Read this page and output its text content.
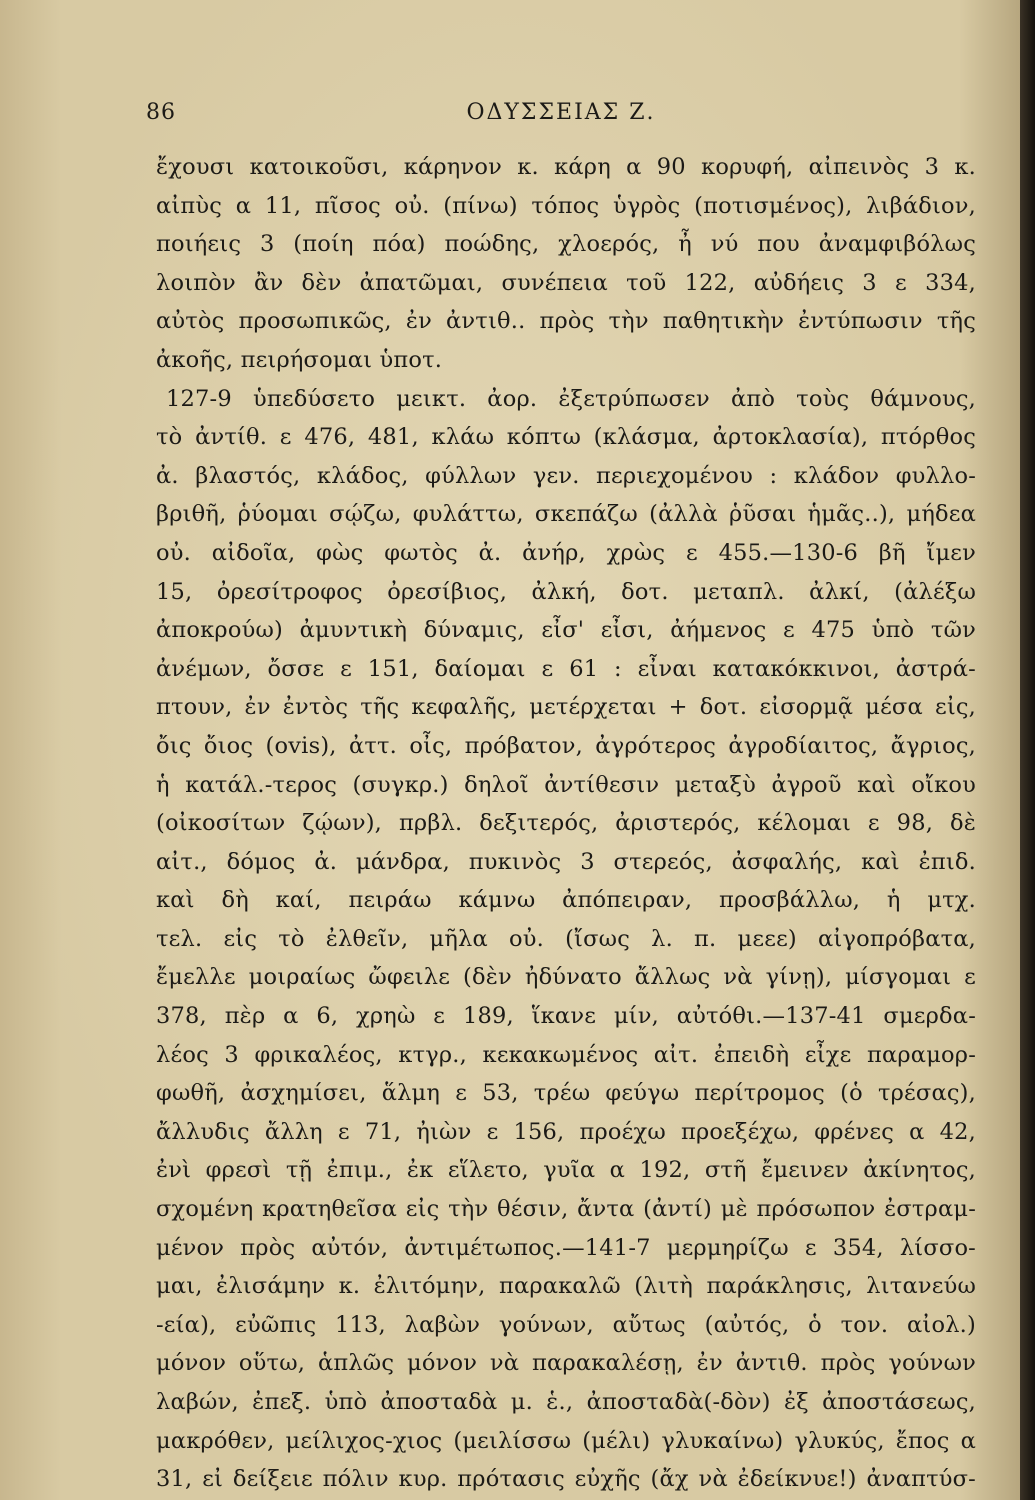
86	ΟΔΥΣΣΕΙΑΣ Ζ.
ἔχουσι κατοικοῦσι, κάρηνον κ. κάρη α 90 κορυφή, αἰπεινὸς 3 κ.
αἰπὺς α 11, πῖσος οὐ. (πίνω) τόπος ὑγρὸς (ποτισμένος), λιβάδιον,
ποιήεις 3 (ποίη πόα) ποώδης, χλοερός, ἦ νύ που ἀναμφιβόλως
λοιπὸν ἂν δὲν ἀπατῶμαι, συνέπεια τοῦ 122, αὐδήεις 3 ε 334,
αὐτὸς προσωπικῶς, ἐν ἀντιθ.. πρὸς τὴν παθητικὴν ἐντύπωσιν τῆς
ἀκοῆς, πειρήσομαι ὑποτ.
127-9 ὑπεδύσετο μεικτ. ἀορ. ἐξετρύπωσεν ἀπὸ τοὺς θάμνους,
τὸ ἀντίθ. ε 476, 481, κλάω κόπτω (κλάσμα, ἀρτοκλασία), πτόρθος
ἀ. βλαστός, κλάδος, φύλλων γεν. περιεχομένου : κλάδον φυλλο-
βριθῆ, ῥύομαι σῴζω, φυλάττω, σκεπάζω (ἀλλὰ ῥῦσαι ἡμᾶς..), μήδεα
οὐ. αἰδοῖα, φὼς φωτὸς ἀ. ἀνήρ, χρὼς ε 455.—130-6 βῆ ἴμεν
15, ὀρεσίτροφος ὀρεσίβιος, ἀλκή, δοτ. μεταπλ. ἀλκί, (ἀλέξω
ἀποκρούω) ἀμυντικὴ δύναμις, εἶσ' εἶσι, ἀήμενος ε 475 ὑπὸ τῶν
ἀνέμων, ὄσσε ε 151, δαίομαι ε 61 : εἶναι κατακόκκινοι, ἀστρά-
πτουν, ἐν ἐντὸς τῆς κεφαλῆς, μετέρχεται + δοτ. εἰσορμᾷ μέσα εἰς,
ὄις ὄιος (ovis), ἀττ. οἶς, πρόβατον, ἀγρότερος ἀγροδίαιτος, ἄγριος,
ἡ κατάλ.-τερος (συγκρ.) δηλοῖ ἀντίθεσιν μεταξὺ ἀγροῦ καὶ οἴκου
(οἰκοσίτων ζῴων), πρβλ. δεξιτερός, ἀριστερός, κέλομαι ε 98, δὲ
αἰτ., δόμος ἀ. μάνδρα, πυκινὸς 3 στερεός, ἀσφαλής, καὶ ἐπιδ.
καὶ δὴ καί, πειράω κάμνω ἀπόπειραν, προσβάλλω, ἡ μτχ.
τελ. εἰς τὸ ἐλθεῖν, μῆλα οὐ. (ἴσως λ. π. μεεε) αἰγοπρόβατα,
ἔμελλε μοιραίως ὤφειλε (δὲν ἠδύνατο ἄλλως νὰ γίνῃ), μίσγομαι ε
378, πὲρ α 6, χρηὼ ε 189, ἵκανε μίν, αὐτόθι.—137-41 σμερδα-
λέος 3 φρικαλέος, κτγρ., κεκακωμένος αἰτ. ἐπειδὴ εἶχε παραμορ-
φωθῆ, ἀσχημίσει, ἅλμη ε 53, τρέω φεύγω περίτρομος (ὁ τρέσας),
ἄλλυδις ἄλλη ε 71, ἠιὼν ε 156, προέχω προεξέχω, φρένες α 42,
ἐνὶ φρεσὶ τῇ ἐπιμ., ἐκ εἵλετο, γυῖα α 192, στῆ ἔμεινεν ἀκίνητος,
σχομένη κρατηθεῖσα εἰς τὴν θέσιν, ἄντα (ἀντί) μὲ πρόσωπον ἐστραμ-
μένον πρὸς αὐτόν, ἀντιμέτωπος.—141-7 μερμηρίζω ε 354, λίσσο-
μαι, ἐλισάμην κ. ἐλιτόμην, παρακαλῶ (λιτὴ παράκλησις, λιτανεύω
-εία), εὐῶπις 113, λαβὼν γούνων, αὔτως (αὐτός, ὁ τον. αἰολ.)
μόνον οὕτω, ἁπλῶς μόνον νὰ παρακαλέσῃ, ἐν ἀντιθ. πρὸς γούνων
λαβών, ἐπεξ. ὑπὸ ἀποσταδὰ μ. ἑ., ἀποσταδὰ(-δὸν) ἐξ ἀποστάσεως,
μακρόθεν, μείλιχος-χιος (μειλίσσω (μέλι) γλυκαίνω) γλυκύς, ἔπος α
31, εἰ δείξειε πόλιν κυρ. πρότασις εὐχῆς (ἄχ νὰ ἐδείκνυε!) ἀναπτύσ-
